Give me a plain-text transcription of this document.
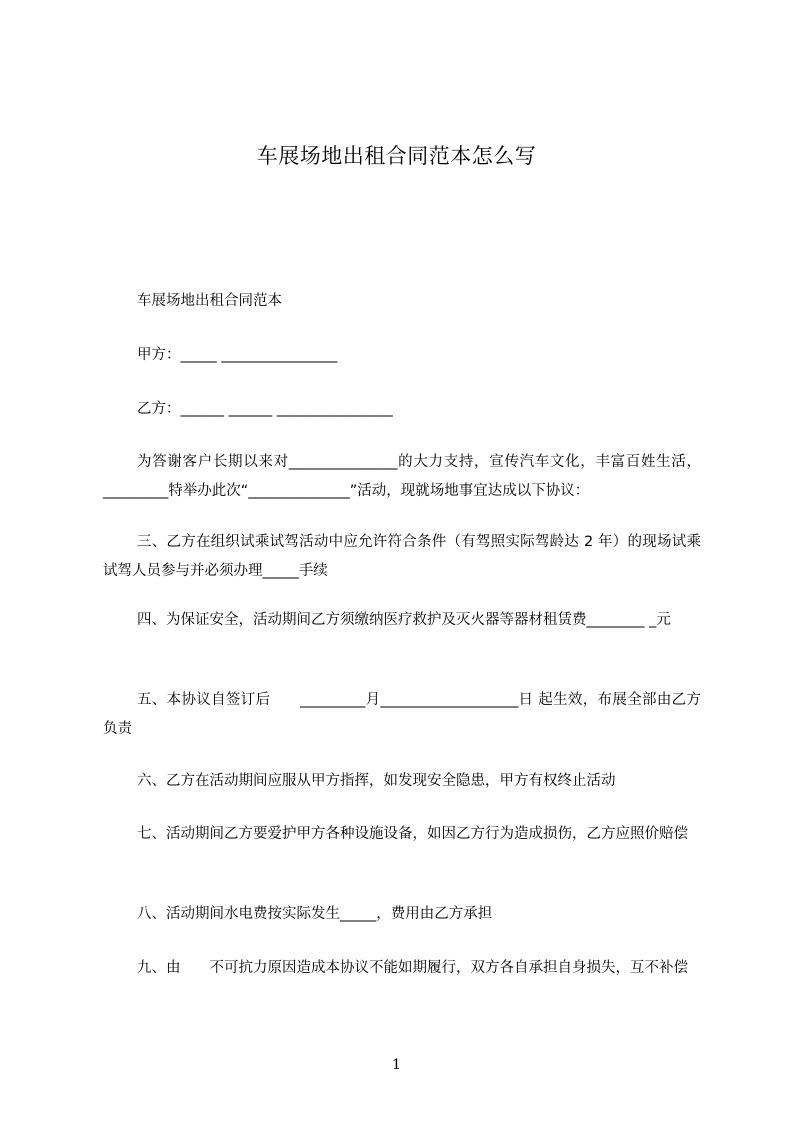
车展场地出租合同范本怎么写

车展场地出租合同范本

甲方：_____ ________________

乙方：______ ______ ________________

为答谢客户长期以来对_______________的大力支持，宣传汽车文化，丰富百姓生活，_________特举办此次“______________”活动，现就场地事宜达成以下协议：

三、乙方在组织试乘试驾活动中应允许符合条件（有驾照实际驾龄达 2 年）的现场试乘试驾人员参与并必须办理_____手续

四、为保证安全，活动期间乙方须缴纳医疗救护及灭火器等器材租赁费________ _元

五、本协议自签订后　　_________月___________________日 起生效，布展全部由乙方负责

六、乙方在活动期间应服从甲方指挥，如发现安全隐患，甲方有权终止活动

七、活动期间乙方要爱护甲方各种设施设备，如因乙方行为造成损伤，乙方应照价赔偿

八、活动期间水电费按实际发生_____，费用由乙方承担

九、由　　不可抗力原因造成本协议不能如期履行，双方各自承担自身损失，互不补偿

1
